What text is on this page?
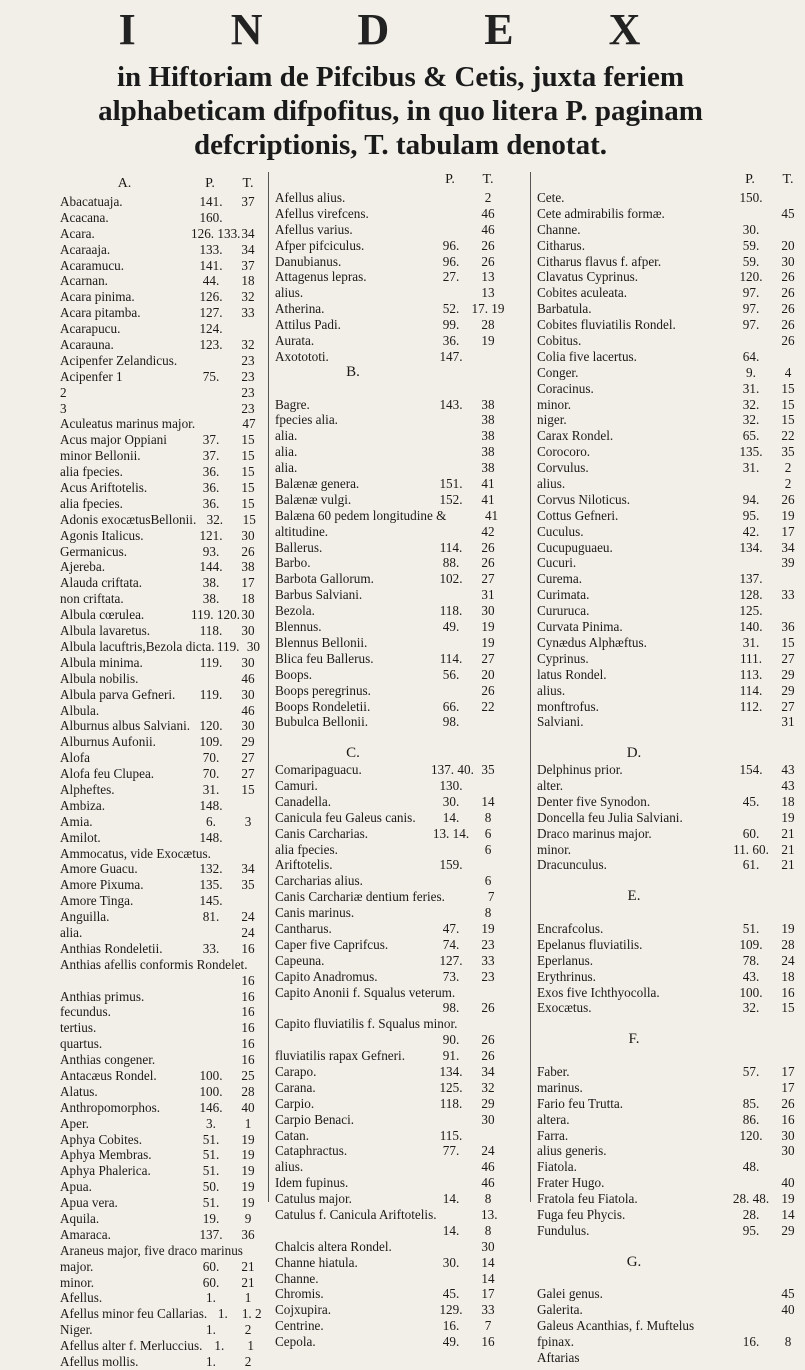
I N D E X
in Hiftoriam de Pifcibus & Cetis, juxta feriem alphabeticam difpofitus, in quo litera P. paginam defcriptionis, T. tabulam denotat.
A.	P.	T.
Abacatuaja.	141.	37
Acacana.	160.
Acara.	126. 133. 34
Acaraaja.	133.	34
Acaramucu.	141.	37
Acarnan.	44.	18
Acara pinima.	126.	32
Acara pitamba.	127.	33
Acarapucu.	124.
Acarauna.	123.	32
Acipenfer Zelandicus.	23
Acipenfer 1	75.	23
2	23
3	23
Aculeatus marinus major.	47
Acus major Oppiani	37.	15
minor Bellonii.	37.	15
alia fpecies.	36.	15
Acus Ariftotelis.	36.	15
alia fpecies.	36.	15
Adonis exocætusBellonii. 32.	15
Agonis Italicus.	121.	30
Germanicus.	93.	26
Ajereba.	144.	38
Alauda criftata.	38.	17
non criftata.	38.	18
Albula cœrulea.	119. 120. 30
Albula lavaretus.	118.	30
Albula lacuftris,Bezola dicta. 119. 30
Albula minima.	119.	30
Albula nobilis.	46
Albula parva Gefneri.	119.	30
Albula.	46
Alburnus albus Salviani. 120.	30
Alburnus Aufonii.	109.	29
Alofa	70.	27
Alofa feu Clupea.	70.	27
Alpheftes.	31.	15
Ambiza.	148.
Amia.	6.	3
Amilot.	148.
Ammocatus, vide Exocætus.
Amore Guacu.	132.	34
Amore Pixuma.	135.	35
Amore Tinga.	145.
Anguilla.	81.	24
alia.	24
Anthias Rondeletii.	33.	16
Anthias afellis conformis Rondelet.
16
Anthias primus.	16
fecundus.	16
tertius.	16
quartus.	16
Anthias congener.	16
Antacæus Rondel.	100.	25
Alatus.	100.	28
Anthropomorphos.	146.	40
Aper.	3.	1
Aphya Cobites.	51.	19
Aphya Membras.	51.	19
Aphya Phalerica.	51.	19
Apua.	50.	19
Apua vera.	51.	19
Aquila.	19.	9
Amaraca.	137.	36
Araneus major, five draco marinus
major.	60.	21
minor.	60.	21
Afellus.	1.	1
Afellus minor feu Callarias. 1.	1. 2
Niger.	1.	2
Afellus alter f. Merluccius. 1.	1
Afellus mollis.	1.	2
P.	T.
Afellus alius.	2
Afellus virefcens.	46
Afellus varius.	46
Afper pifciculus.	96.	26
Danubianus.	96.	26
Attagenus lepras.	27.	13
alius.	13
Atherina.	52. 17. 19
Attilus Padi.	99.	28
Aurata.	36.	19
Axotototi.	147.
B.
Bagre.	143.	38
fpecies alia.	38
alia.	38
alia.	38
alia.	38
Balænæ genera.	151.	41
Balænæ vulgi.	152.	41
Balæna 60 pedem longitudine &	41
altitudine.	42
Ballerus.	114.	26
Barbo.	88.	26
Barbota Gallorum.	102.	27
Barbus Salviani.	31
Bezola.	118.	30
Blennus.	49.	19
Blennus Bellonii.	19
Blica feu Ballerus.	114.	27
Boops.	56.	20
Boops peregrinus.	26
Boops Rondeletii.	66.	22
Bubulca Bellonii.	98.
C.
Comaripaguacu.	137. 40. 35
Camuri.	130.
Canadella.	30.	14
Canicula feu Galeus canis.	14.	8
Canis Carcharias.	13. 14.	6
alia fpecies.	6
Ariftotelis.	159.
Carcharias alius.	6
Canis Carchariæ dentium feries.	7
Canis marinus.	8
Cantharus.	47.	19
Caper five Caprifcus.	74.	23
Capeuna.	127.	33
Capito Anadromus.	73.	23
Capito Anonii f. Squalus veterum.
98.	26
Capito fluviatilis f. Squalus minor.
90.	26
fluviatilis rapax Gefneri.	91.	26
Carapo.	134.	34
Carana.	125.	32
Carpio.	118.	29
Carpio Benaci.	30
Catan.	115.
Cataphractus.	77.	24
alius.	46
Idem fupinus.	46
Catulus major.	14.	8
Catulus f. Canicula Ariftotelis.	13.
14.	8
Chalcis altera Rondel.	30
Channe hiatula.	30.	14
Channe.	14
Chromis.	45.	17
Cojxupira.	129.	33
Centrine.	16.	7
Cepola.	49.	16
P.	T.
Cete.	150.
Cete admirabilis formæ.	45
Channe.	30.
Citharus.	59.	20
Citharus flavus f. afper.	59.	30
Clavatus Cyprinus.	120.	26
Cobites aculeata.	97.	26
Barbatula.	97.	26
Cobites fluviatilis Rondel.	97.	26
Cobitus.	26
Colia five lacertus.	64.
Conger.	9.	4
Coracinus.	31.	15
minor.	32.	15
niger.	32.	15
Carax Rondel.	65.	22
Corocoro.	135.	35
Corvulus.	31.	2
alius.	2
Corvus Niloticus.	94.	26
Cottus Gefneri.	95.	19
Cuculus.	42.	17
Cucupuguaeu.	134.	34
Cucuri.	39
Curema.	137.
Curimata.	128.	33
Cururuca.	125.
Curvata Pinima.	140.	36
Cynædus Alphæftus.	31.	15
Cyprinus.	111.	27
latus Rondel.	113.	29
alius.	114.	29
monftrofus.	112.	27
Salviani.	31
D.
Delphinus prior.	154.	43
alter.	43
Denter five Synodon.	45.	18
Doncella feu Julia Salviani.	19
Draco marinus major.	60.	21
minor.	11. 60. 21
Dracunculus.	61.	21
E.
Encrafcolus.	51.	19
Epelanus fluviatilis.	109.	28
Eperlanus.	78.	24
Erythrinus.	43.	18
Exos five Ichthyocolla.	100.	16
Exocætus.	32.	15
F.
Faber.	57.	17
marinus.	17
Fario feu Trutta.	85.	26
altera.	86.	16
Farra.	120.	30
alius generis.	30
Fiatola.	48.
Frater Hugo.	40
Fratola feu Fiatola.	28. 48. 19
Fuga feu Phycis.	28.	14
Fundulus.	95.	29
G.
Galei genus.	45
Galerita.	40
Galeus Acanthias, f. Muftelus
fpinax.	16.	8
Aftarias
